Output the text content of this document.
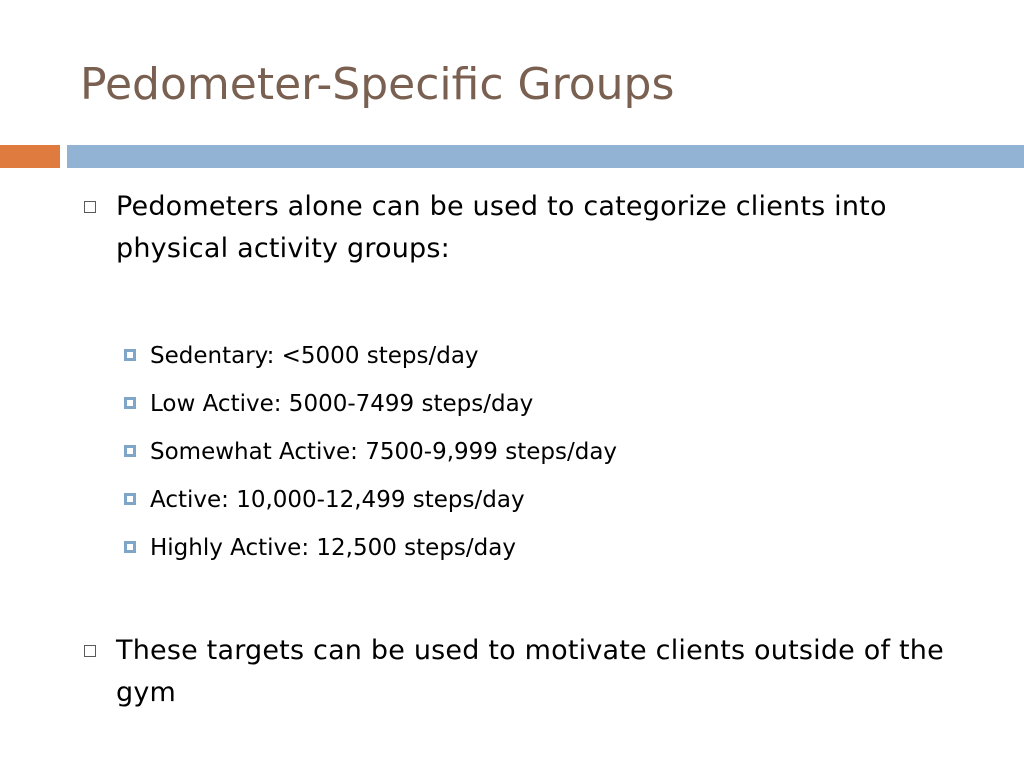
Pedometer-Specific Groups
Pedometers alone can be used to categorize clients into physical activity groups:
Sedentary: <5000 steps/day
Low Active: 5000-7499 steps/day
Somewhat Active: 7500-9,999 steps/day
Active: 10,000-12,499 steps/day
Highly Active: 12,500 steps/day
These targets can be used to motivate clients outside of the gym
